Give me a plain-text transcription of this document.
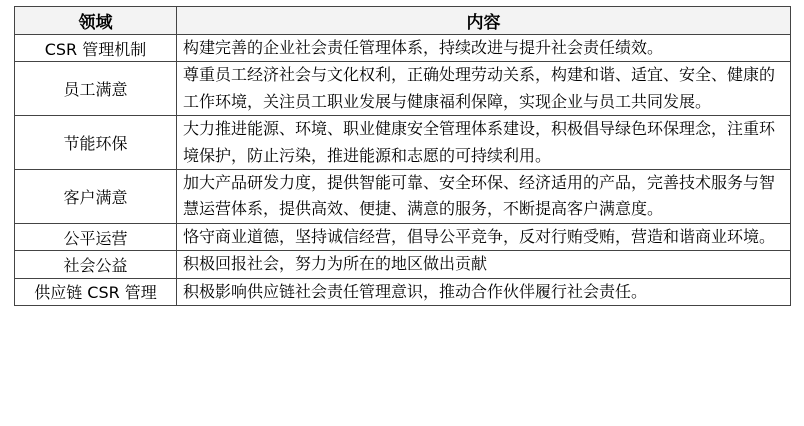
领域	内容
CSR 管理机制	构建完善的企业社会责任管理体系，持续改进与提升社会责任绩效。
员工满意	尊重员工经济社会与文化权利，正确处理劳动关系，构建和谐、适宜、安全、健康的工作环境，关注员工职业发展与健康福利保障，实现企业与员工共同发展。
节能环保	大力推进能源、环境、职业健康安全管理体系建设，积极倡导绿色环保理念，注重环境保护，防止污染，推进能源和志愿的可持续利用。
客户满意	加大产品研发力度，提供智能可靠、安全环保、经济适用的产品，完善技术服务与智慧运营体系，提供高效、便捷、满意的服务，不断提高客户满意度。
公平运营	恪守商业道德，坚持诚信经营，倡导公平竞争，反对行贿受贿，营造和谐商业环境。
社会公益	积极回报社会，努力为所在的地区做出贡献
供应链 CSR 管理	积极影响供应链社会责任管理意识，推动合作伙伴履行社会责任。
